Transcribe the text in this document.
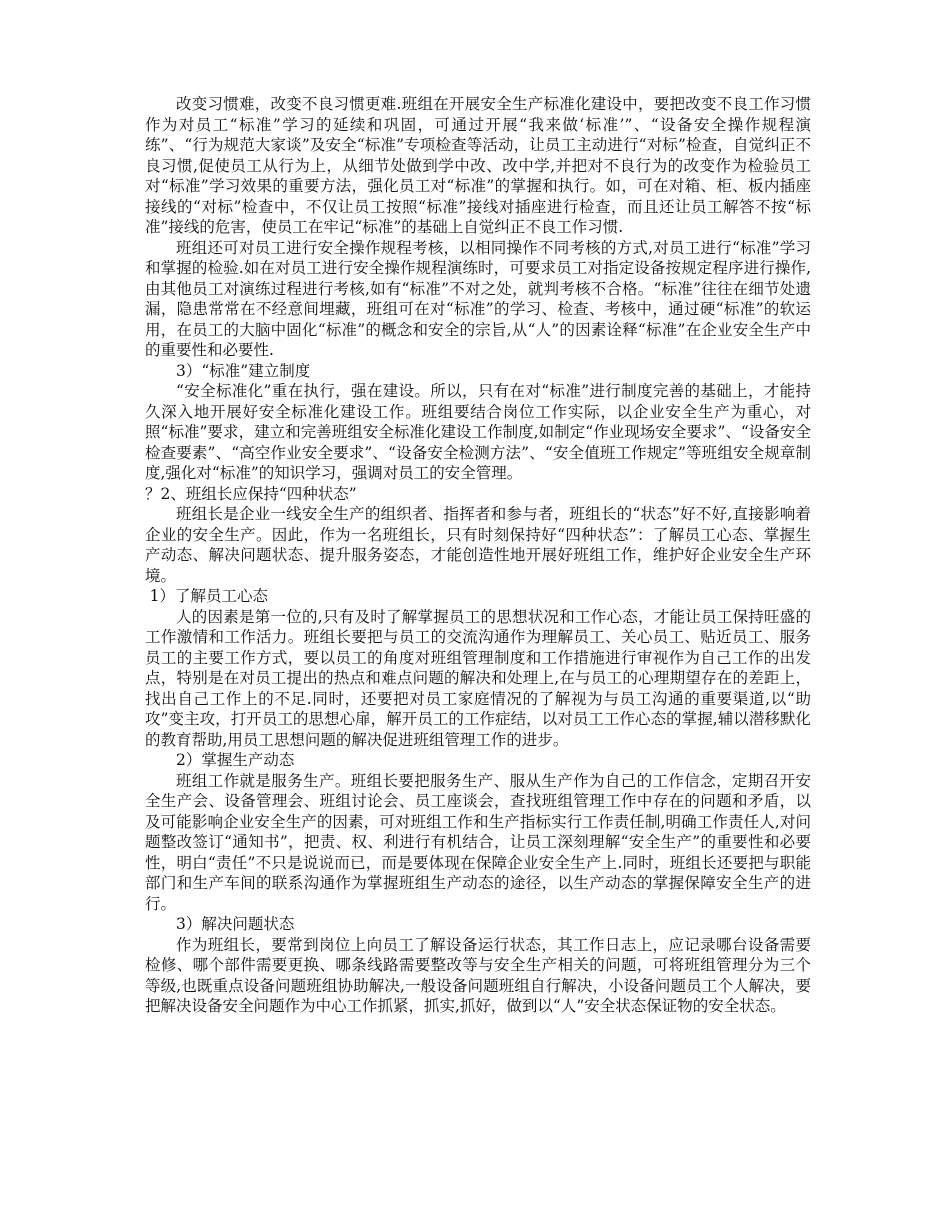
改变习惯难，改变不良习惯更难.班组在开展安全生产标准化建设中，要把改变不良工作习惯作为对员工“标准”学习的延续和巩固，可通过开展“我来做‘标准’”、“设备安全操作规程演练”、“行为规范大家谈”及安全“标准”专项检查等活动，让员工主动进行“对标”检查，自觉纠正不良习惯,促使员工从行为上，从细节处做到学中改、改中学,并把对不良行为的改变作为检验员工对“标准”学习效果的重要方法，强化员工对“标准”的掌握和执行。如，可在对箱、柜、板内插座接线的“对标”检查中，不仅让员工按照“标准”接线对插座进行检查，而且还让员工解答不按“标准”接线的危害，使员工在牢记“标准”的基础上自觉纠正不良工作习惯.

班组还可对员工进行安全操作规程考核，以相同操作不同考核的方式,对员工进行“标准”学习和掌握的检验.如在对员工进行安全操作规程演练时，可要求员工对指定设备按规定程序进行操作,由其他员工对演练过程进行考核,如有“标准”不对之处，就判考核不合格。“标准”往往在细节处遗漏，隐患常常在不经意间埋藏，班组可在对“标准”的学习、检查、考核中，通过硬“标准”的软运用，在员工的大脑中固化“标准”的概念和安全的宗旨,从“人”的因素诠释“标准”在企业安全生产中的重要性和必要性.

3）“标准”建立制度

“安全标准化”重在执行，强在建设。所以，只有在对“标准”进行制度完善的基础上，才能持久深入地开展好安全标准化建设工作。班组要结合岗位工作实际，以企业安全生产为重心，对照“标准”要求，建立和完善班组安全标准化建设工作制度,如制定“作业现场安全要求”、“设备安全检查要素”、“高空作业安全要求”、“设备安全检测方法”、“安全值班工作规定”等班组安全规章制度,强化对“标准”的知识学习，强调对员工的安全管理。

？2、班组长应保持“四种状态”

班组长是企业一线安全生产的组织者、指挥者和参与者，班组长的“状态”好不好,直接影响着企业的安全生产。因此，作为一名班组长，只有时刻保持好“四种状态”：了解员工心态、掌握生产动态、解决问题状态、提升服务姿态，才能创造性地开展好班组工作，维护好企业安全生产环境。

1）了解员工心态

人的因素是第一位的,只有及时了解掌握员工的思想状况和工作心态，才能让员工保持旺盛的工作激情和工作活力。班组长要把与员工的交流沟通作为理解员工、关心员工、贴近员工、服务员工的主要工作方式，要以员工的角度对班组管理制度和工作措施进行审视作为自己工作的出发点，特别是在对员工提出的热点和难点问题的解决和处理上,在与员工的心理期望存在的差距上，找出自己工作上的不足.同时，还要把对员工家庭情况的了解视为与员工沟通的重要渠道,以“助攻”变主攻，打开员工的思想心扉，解开员工的工作症结，以对员工工作心态的掌握,辅以潜移默化的教育帮助,用员工思想问题的解决促进班组管理工作的进步。

2）掌握生产动态

班组工作就是服务生产。班组长要把服务生产、服从生产作为自己的工作信念，定期召开安全生产会、设备管理会、班组讨论会、员工座谈会，查找班组管理工作中存在的问题和矛盾，以及可能影响企业安全生产的因素，可对班组工作和生产指标实行工作责任制,明确工作责任人,对问题整改签订“通知书”，把责、权、利进行有机结合，让员工深刻理解“安全生产”的重要性和必要性，明白“责任”不只是说说而已，而是要体现在保障企业安全生产上.同时，班组长还要把与职能部门和生产车间的联系沟通作为掌握班组生产动态的途径，以生产动态的掌握保障安全生产的进行。

3）解决问题状态

作为班组长，要常到岗位上向员工了解设备运行状态，其工作日志上，应记录哪台设备需要检修、哪个部件需要更换、哪条线路需要整改等与安全生产相关的问题，可将班组管理分为三个等级,也既重点设备问题班组协助解决,一般设备问题班组自行解决，小设备问题员工个人解决，要把解决设备安全问题作为中心工作抓紧，抓实,抓好，做到以“人”安全状态保证物的安全状态。
